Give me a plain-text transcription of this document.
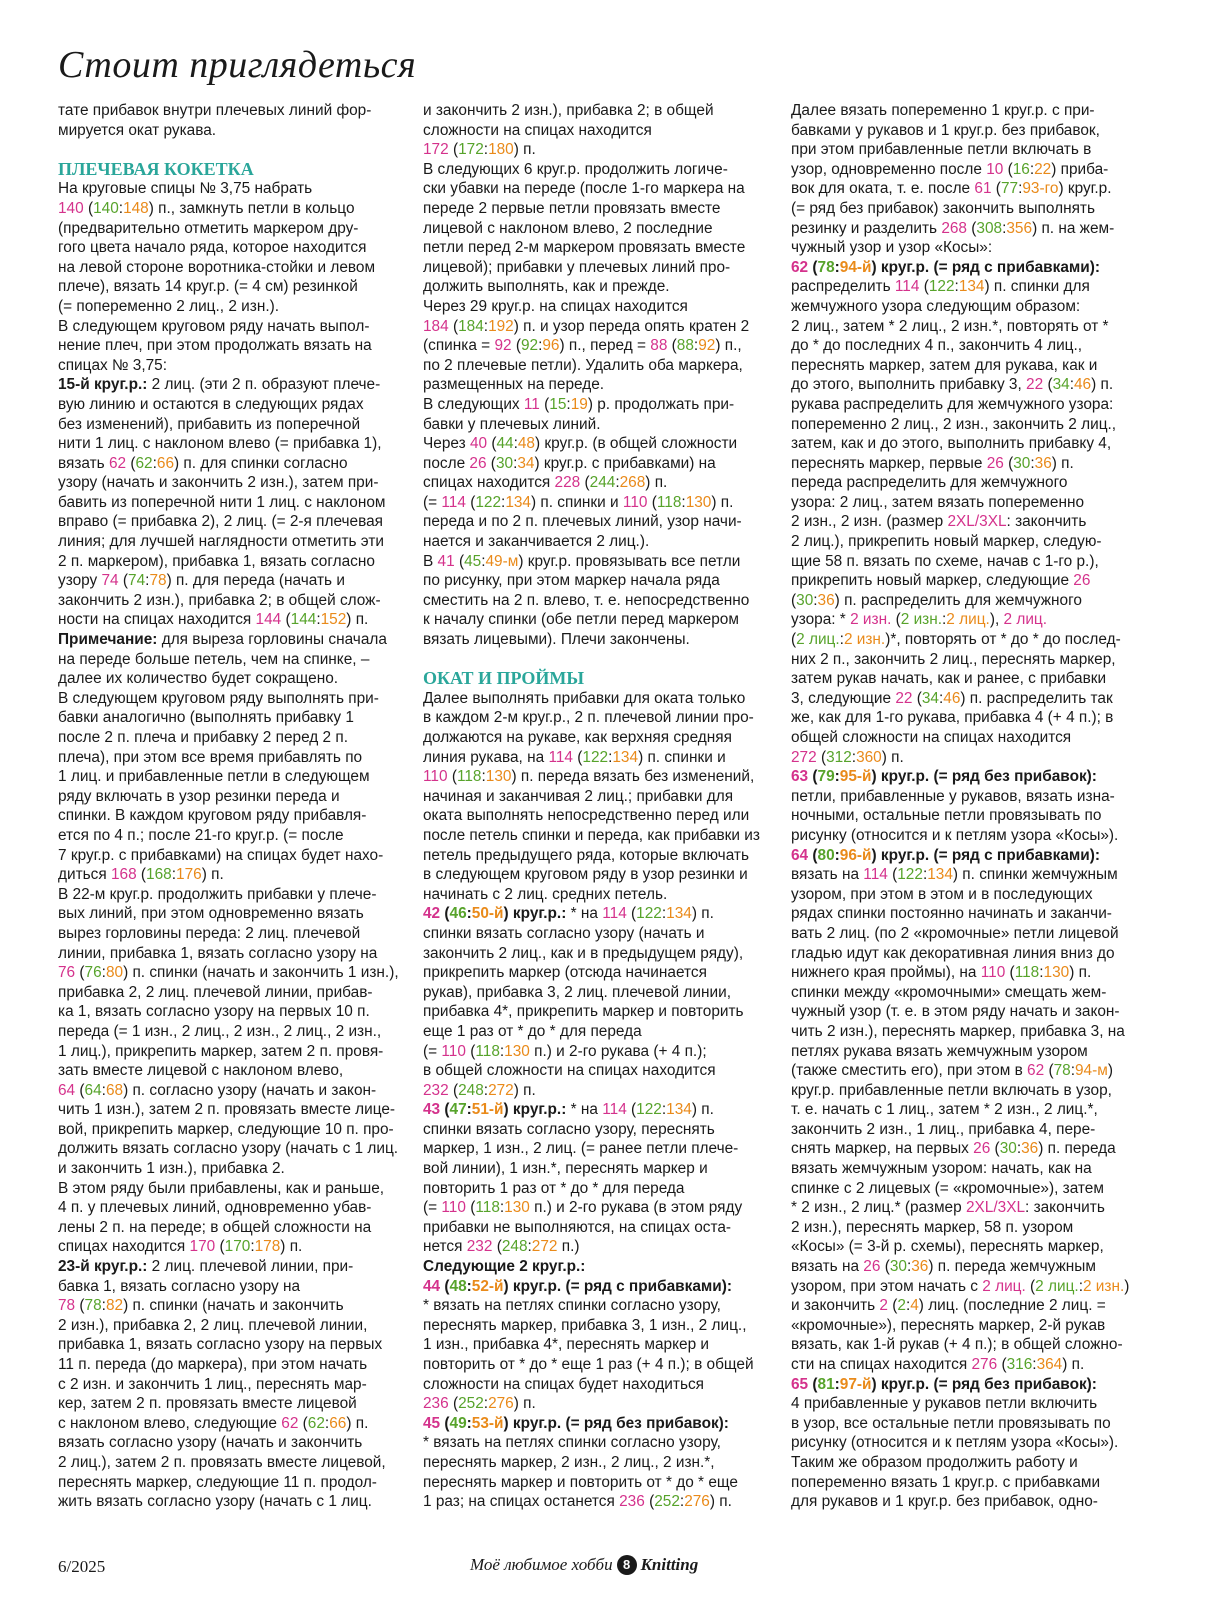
Стоит приглядеться
тате прибавок внутри плечевых линий фор-
мируется окат рукава.
ПЛЕЧЕВАЯ КОКЕТКА
На круговые спицы № 3,75 набрать
140 (140:148) п., замкнуть петли в кольцо
(предварительно отметить маркером дру-
гого цвета начало ряда, которое находится
на левой стороне воротника-стойки и левом
плече), вязать 14 круг.р. (= 4 см) резинкой
(= попеременно 2 лиц., 2 изн.).
В следующем круговом ряду начать выпол-
нение плеч, при этом продолжать вязать на
спицах № 3,75:
15-й круг.р.: 2 лиц. (эти 2 п. образуют плече-
вую линию и остаются в следующих рядах
без изменений), прибавить из поперечной
нити 1 лиц. с наклоном влево (= прибавка 1),
вязать 62 (62:66) п. для спинки согласно
узору (начать и закончить 2 изн.), затем при-
бавить из поперечной нити 1 лиц. с наклоном
вправо (= прибавка 2), 2 лиц. (= 2-я плечевая
линия; для лучшей наглядности отметить эти
2 п. маркером), прибавка 1, вязать согласно
узору 74 (74:78) п. для переда (начать и
закончить 2 изн.), прибавка 2; в общей слож-
ности на спицах находится 144 (144:152) п.
Примечание: для выреза горловины сначала
на переде больше петель, чем на спинке, –
далее их количество будет сокращено.
В следующем круговом ряду выполнять при-
бавки аналогично (выполнять прибавку 1
после 2 п. плеча и прибавку 2 перед 2 п.
плеча), при этом все время прибавлять по
1 лиц. и прибавленные петли в следующем
ряду включать в узор резинки переда и
спинки. В каждом круговом ряду прибавля-
ется по 4 п.; после 21-го круг.р. (= после
7 круг.р. с прибавками) на спицах будет нахо-
диться 168 (168:176) п.
В 22-м круг.р. продолжить прибавки у плече-
вых линий, при этом одновременно вязать
вырез горловины переда: 2 лиц. плечевой
линии, прибавка 1, вязать согласно узору на
76 (76:80) п. спинки (начать и закончить 1 изн.),
прибавка 2, 2 лиц. плечевой линии, прибав-
ка 1, вязать согласно узору на первых 10 п.
переда (= 1 изн., 2 лиц., 2 изн., 2 лиц., 2 изн.,
1 лиц.), прикрепить маркер, затем 2 п. провя-
зать вместе лицевой с наклоном влево,
64 (64:68) п. согласно узору (начать и закон-
чить 1 изн.), затем 2 п. провязать вместе лице-
вой, прикрепить маркер, следующие 10 п. про-
должить вязать согласно узору (начать с 1 лиц.
и закончить 1 изн.), прибавка 2.
В этом ряду были прибавлены, как и раньше,
4 п. у плечевых линий, одновременно убав-
лены 2 п. на переде; в общей сложности на
спицах находится 170 (170:178) п.
23-й круг.р.: 2 лиц. плечевой линии, при-
бавка 1, вязать согласно узору на
78 (78:82) п. спинки (начать и закончить
2 изн.), прибавка 2, 2 лиц. плечевой линии,
прибавка 1, вязать согласно узору на первых
11 п. переда (до маркера), при этом начать
с 2 изн. и закончить 1 лиц., переснять мар-
кер, затем 2 п. провязать вместе лицевой
с наклоном влево, следующие 62 (62:66) п.
вязать согласно узору (начать и закончить
2 лиц.), затем 2 п. провязать вместе лицевой,
переснять маркер, следующие 11 п. продол-
жить вязать согласно узору (начать с 1 лиц.
и закончить 2 изн.), прибавка 2; в общей
сложности на спицах находится
172 (172:180) п.
В следующих 6 круг.р. продолжить логиче-
ски убавки на переде (после 1-го маркера на
переде 2 первые петли провязать вместе
лицевой с наклоном влево, 2 последние
петли перед 2-м маркером провязать вместе
лицевой); прибавки у плечевых линий про-
должить выполнять, как и прежде.
Через 29 круг.р. на спицах находится
184 (184:192) п. и узор переда опять кратен 2
(спинка = 92 (92:96) п., перед = 88 (88:92) п.,
по 2 плечевые петли). Удалить оба маркера,
размещенных на переде.
В следующих 11 (15:19) р. продолжать при-
бавки у плечевых линий.
Через 40 (44:48) круг.р. (в общей сложности
после 26 (30:34) круг.р. с прибавками) на
спицах находится 228 (244:268) п.
(= 114 (122:134) п. спинки и 110 (118:130) п.
переда и по 2 п. плечевых линий, узор начи-
нается и заканчивается 2 лиц.).
В 41 (45:49-м) круг.р. провязывать все петли
по рисунку, при этом маркер начала ряда
сместить на 2 п. влево, т. е. непосредственно
к началу спинки (обе петли перед маркером
вязать лицевыми). Плечи закончены.
ОКАТ И ПРОЙМЫ
Далее выполнять прибавки для оката только
в каждом 2-м круг.р., 2 п. плечевой линии про-
должаются на рукаве, как верхняя средняя
линия рукава, на 114 (122:134) п. спинки и
110 (118:130) п. переда вязать без изменений,
начиная и заканчивая 2 лиц.; прибавки для
оката выполнять непосредственно перед или
после петель спинки и переда, как прибавки из
петель предыдущего ряда, которые включать
в следующем круговом ряду в узор резинки и
начинать с 2 лиц. средних петель.
42 (46:50-й) круг.р.: * на 114 (122:134) п.
спинки вязать согласно узору (начать и
закончить 2 лиц., как и в предыдущем ряду),
прикрепить маркер (отсюда начинается
рукав), прибавка 3, 2 лиц. плечевой линии,
прибавка 4*, прикрепить маркер и повторить
еще 1 раз от * до * для переда
(= 110 (118:130 п.) и 2-го рукава (+ 4 п.);
в общей сложности на спицах находится
232 (248:272) п.
43 (47:51-й) круг.р.: * на 114 (122:134) п.
спинки вязать согласно узору, переснять
маркер, 1 изн., 2 лиц. (= ранее петли плече-
вой линии), 1 изн.*, переснять маркер и
повторить 1 раз от * до * для переда
(= 110 (118:130 п.) и 2-го рукава (в этом ряду
прибавки не выполняются, на спицах оста-
нется 232 (248:272 п.)
Следующие 2 круг.р.:
44 (48:52-й) круг.р. (= ряд с прибавками):
* вязать на петлях спинки согласно узору,
переснять маркер, прибавка 3, 1 изн., 2 лиц.,
1 изн., прибавка 4*, переснять маркер и
повторить от * до * еще 1 раз (+ 4 п.); в общей
сложности на спицах будет находиться
236 (252:276) п.
45 (49:53-й) круг.р. (= ряд без прибавок):
* вязать на петлях спинки согласно узору,
переснять маркер, 2 изн., 2 лиц., 2 изн.*,
переснять маркер и повторить от * до * еще
1 раз; на спицах останется 236 (252:276) п.
Далее вязать попеременно 1 круг.р. с при-
бавками у рукавов и 1 круг.р. без прибавок,
при этом прибавленные петли включать в
узор, одновременно после 10 (16:22) приба-
вок для оката, т. е. после 61 (77:93-го) круг.р.
(= ряд без прибавок) закончить выполнять
резинку и разделить 268 (308:356) п. на жем-
чужный узор и узор «Косы»:
62 (78:94-й) круг.р. (= ряд с прибавками):
распределить 114 (122:134) п. спинки для
жемчужного узора следующим образом:
2 лиц., затем * 2 лиц., 2 изн.*, повторять от *
до * до последних 4 п., закончить 4 лиц.,
переснять маркер, затем для рукава, как и
до этого, выполнить прибавку 3, 22 (34:46) п.
рукава распределить для жемчужного узора:
попеременно 2 лиц., 2 изн., закончить 2 лиц.,
затем, как и до этого, выполнить прибавку 4,
переснять маркер, первые 26 (30:36) п.
переда распределить для жемчужного
узора: 2 лиц., затем вязать попеременно
2 изн., 2 изн. (размер 2XL/3XL: закончить
2 лиц.), прикрепить новый маркер, следую-
щие 58 п. вязать по схеме, начав с 1-го р.),
прикрепить новый маркер, следующие 26
(30:36) п. распределить для жемчужного
узора: * 2 изн. (2 изн.:2 лиц.), 2 лиц.
(2 лиц.:2 изн.)*, повторять от * до * до послед-
них 2 п., закончить 2 лиц., переснять маркер,
затем рукав начать, как и ранее, с прибавки
3, следующие 22 (34:46) п. распределить так
же, как для 1-го рукава, прибавка 4 (+ 4 п.); в
общей сложности на спицах находится
272 (312:360) п.
63 (79:95-й) круг.р. (= ряд без прибавок):
петли, прибавленные у рукавов, вязать изна-
ночными, остальные петли провязывать по
рисунку (относится и к петлям узора «Косы»).
64 (80:96-й) круг.р. (= ряд с прибавками):
вязать на 114 (122:134) п. спинки жемчужным
узором, при этом в этом и в последующих
рядах спинки постоянно начинать и заканчи-
вать 2 лиц. (по 2 «кромочные» петли лицевой
гладью идут как декоративная линия вниз до
нижнего края проймы), на 110 (118:130) п.
спинки между «кромочными» смещать жем-
чужный узор (т. е. в этом ряду начать и закон-
чить 2 изн.), переснять маркер, прибавка 3, на
петлях рукава вязать жемчужным узором
(также сместить его), при этом в 62 (78:94-м)
круг.р. прибавленные петли включать в узор,
т. е. начать с 1 лиц., затем * 2 изн., 2 лиц.*,
закончить 2 изн., 1 лиц., прибавка 4, пере-
снять маркер, на первых 26 (30:36) п. переда
вязать жемчужным узором: начать, как на
спинке с 2 лицевых (= «кромочные»), затем
* 2 изн., 2 лиц.* (размер 2XL/3XL: закончить
2 изн.), переснять маркер, 58 п. узором
«Косы» (= 3-й р. схемы), переснять маркер,
вязать на 26 (30:36) п. переда жемчужным
узором, при этом начать с 2 лиц. (2 лиц.:2 изн.)
и закончить 2 (2:4) лиц. (последние 2 лиц. =
«кромочные»), переснять маркер, 2-й рукав
вязать, как 1-й рукав (+ 4 п.); в общей сложно-
сти на спицах находится 276 (316:364) п.
65 (81:97-й) круг.р. (= ряд без прибавок):
4 прибавленные у рукавов петли включить
в узор, все остальные петли провязывать по
рисунку (относится и к петлям узора «Косы»).
Таким же образом продолжить работу и
попеременно вязать 1 круг.р. с прибавками
для рукавов и 1 круг.р. без прибавок, одно-

6/2025	Моё любимое хобби 8 Knitting
